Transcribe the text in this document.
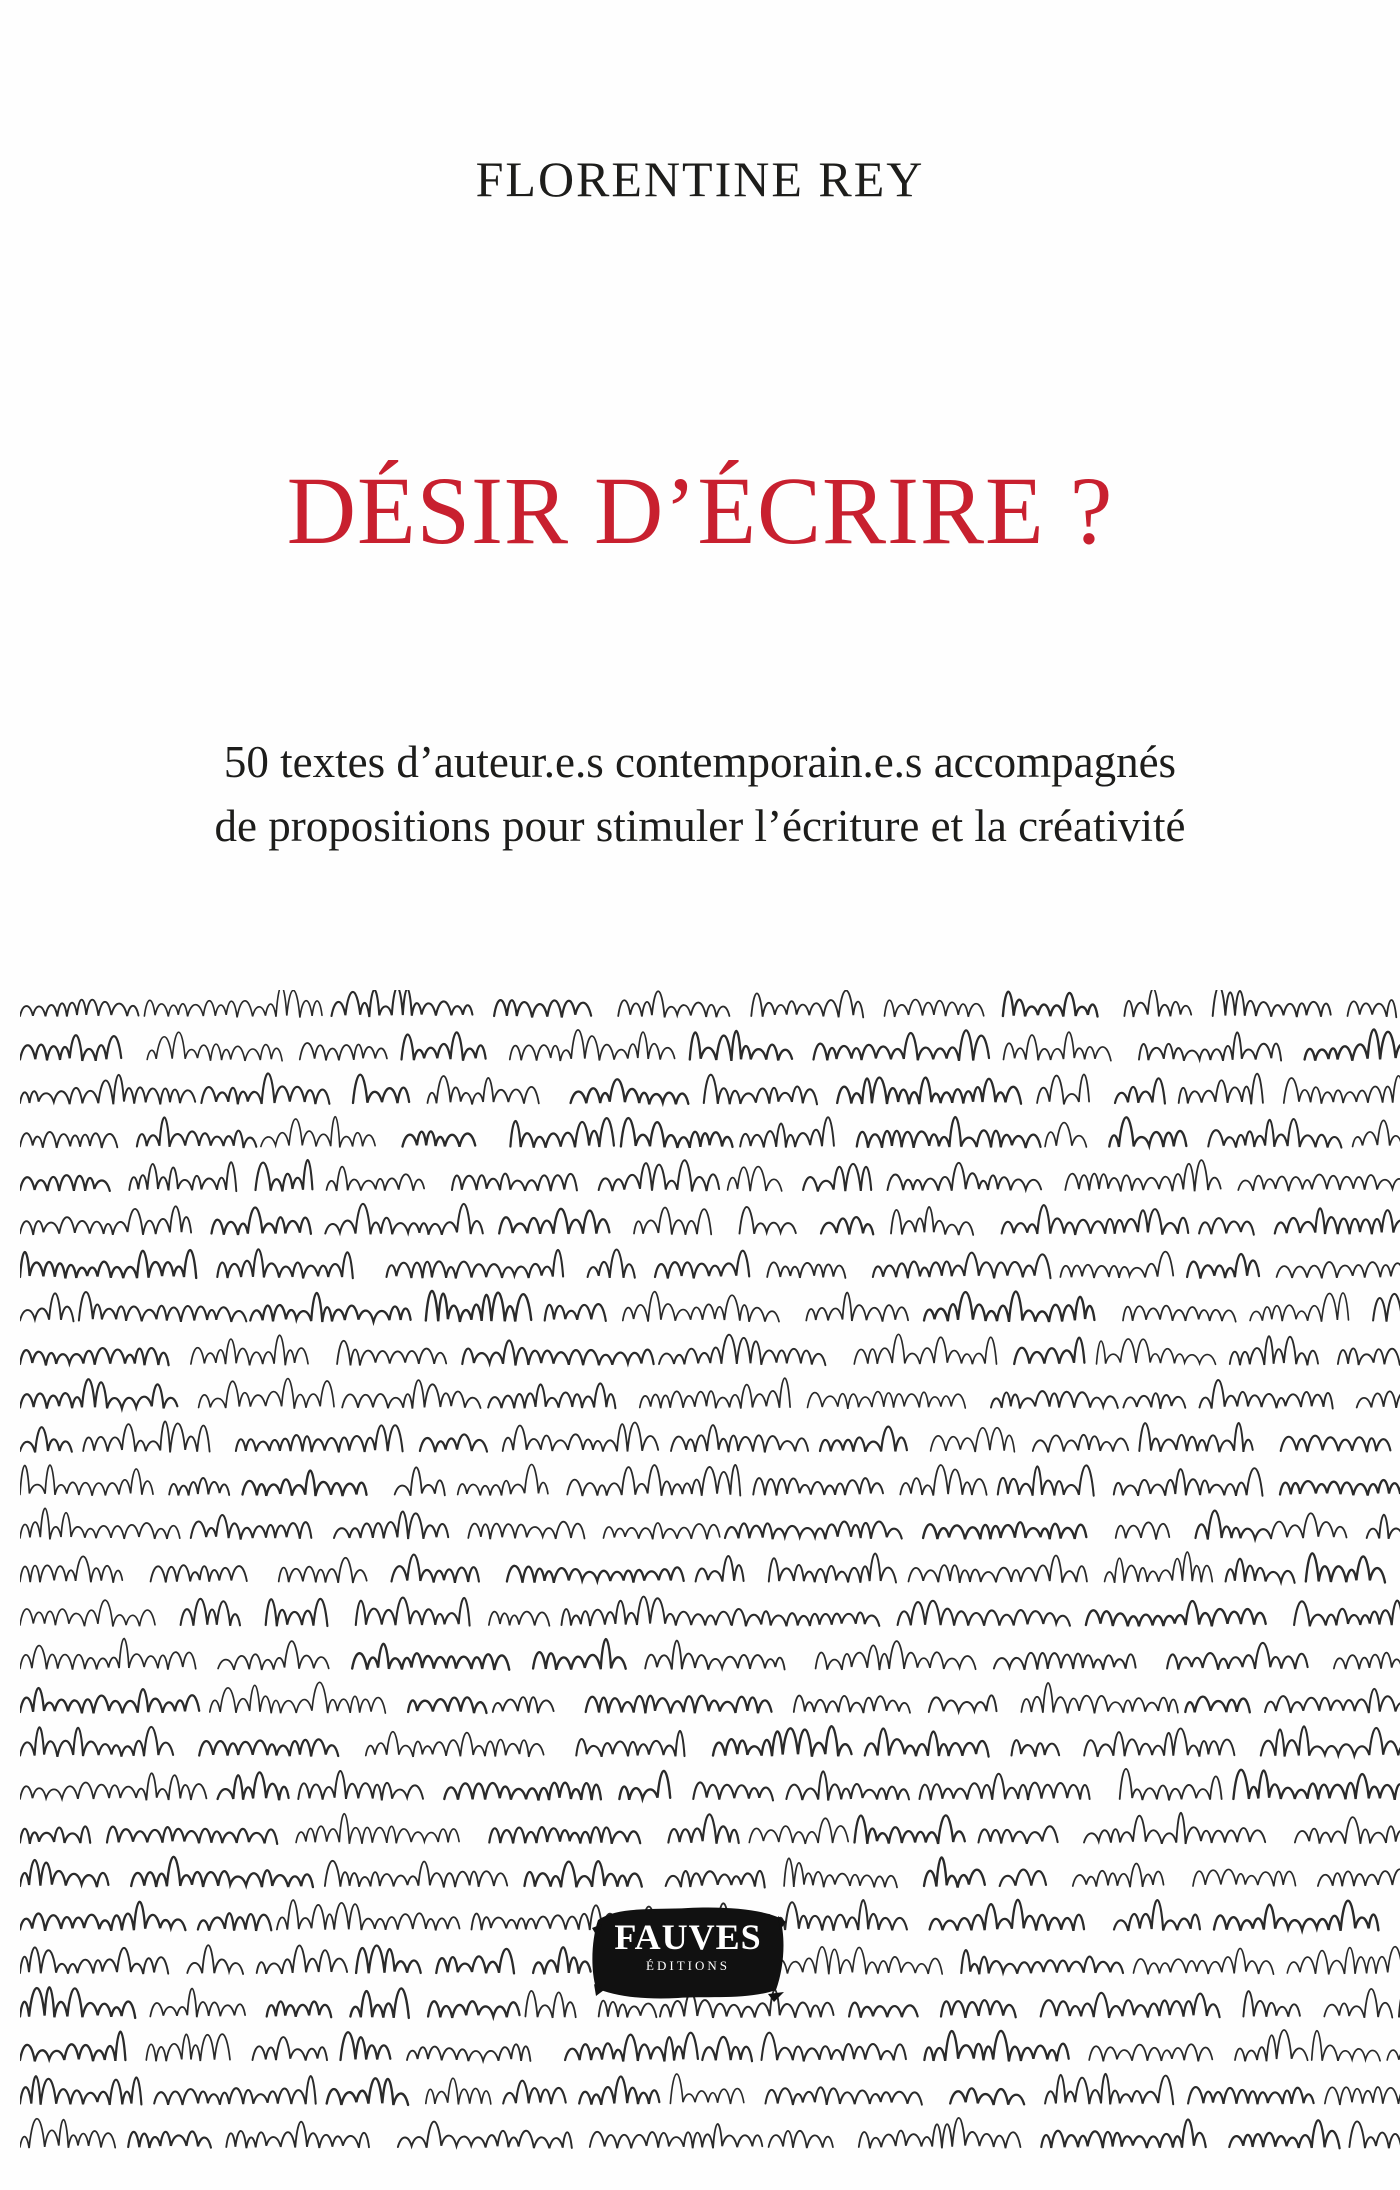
FLORENTINE REY
DÉSIR D’ÉCRIRE ?
50 textes d’auteur.e.s contemporain.e.s accompagnés
de propositions pour stimuler l’écriture et la créativité
FAUVES
ÉDITIONS
